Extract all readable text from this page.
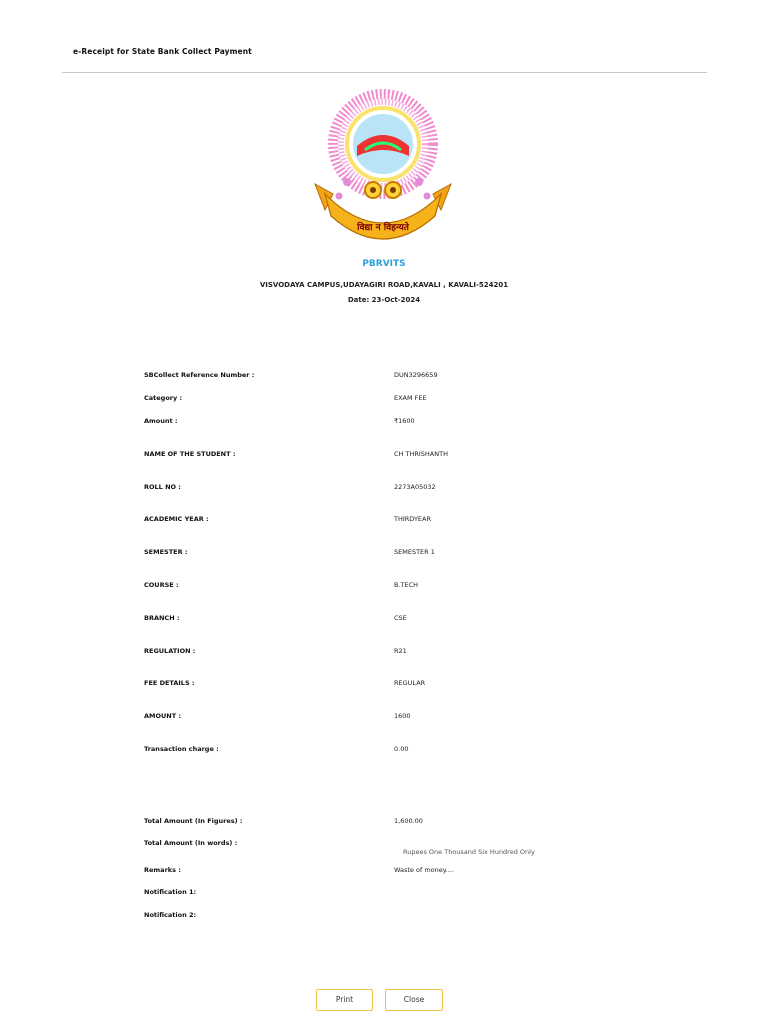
e-Receipt for State Bank Collect Payment
विद्या न विहन्यते
PBRVITS
VISVODAYA CAMPUS,UDAYAGIRI ROAD,KAVALI , KAVALI-524201
Date: 23-Oct-2024
SBCollect Reference Number :	DUN3296659
Category :	EXAM FEE
Amount :	₹1600
NAME OF THE STUDENT :	CH THRISHANTH
ROLL NO :	2273A05032
ACADEMIC YEAR :	THIRDYEAR
SEMESTER :	SEMESTER 1
COURSE :	B.TECH
BRANCH :	CSE
REGULATION :	R21
FEE DETAILS :	REGULAR
AMOUNT :	1600
Transaction charge :	0.00
Total Amount (In Figures) :	1,600.00
Total Amount (In words) :
Rupees One Thousand Six Hundred Only
Remarks :	Waste of money....
Notification 1:
Notification 2:
Print	Close
